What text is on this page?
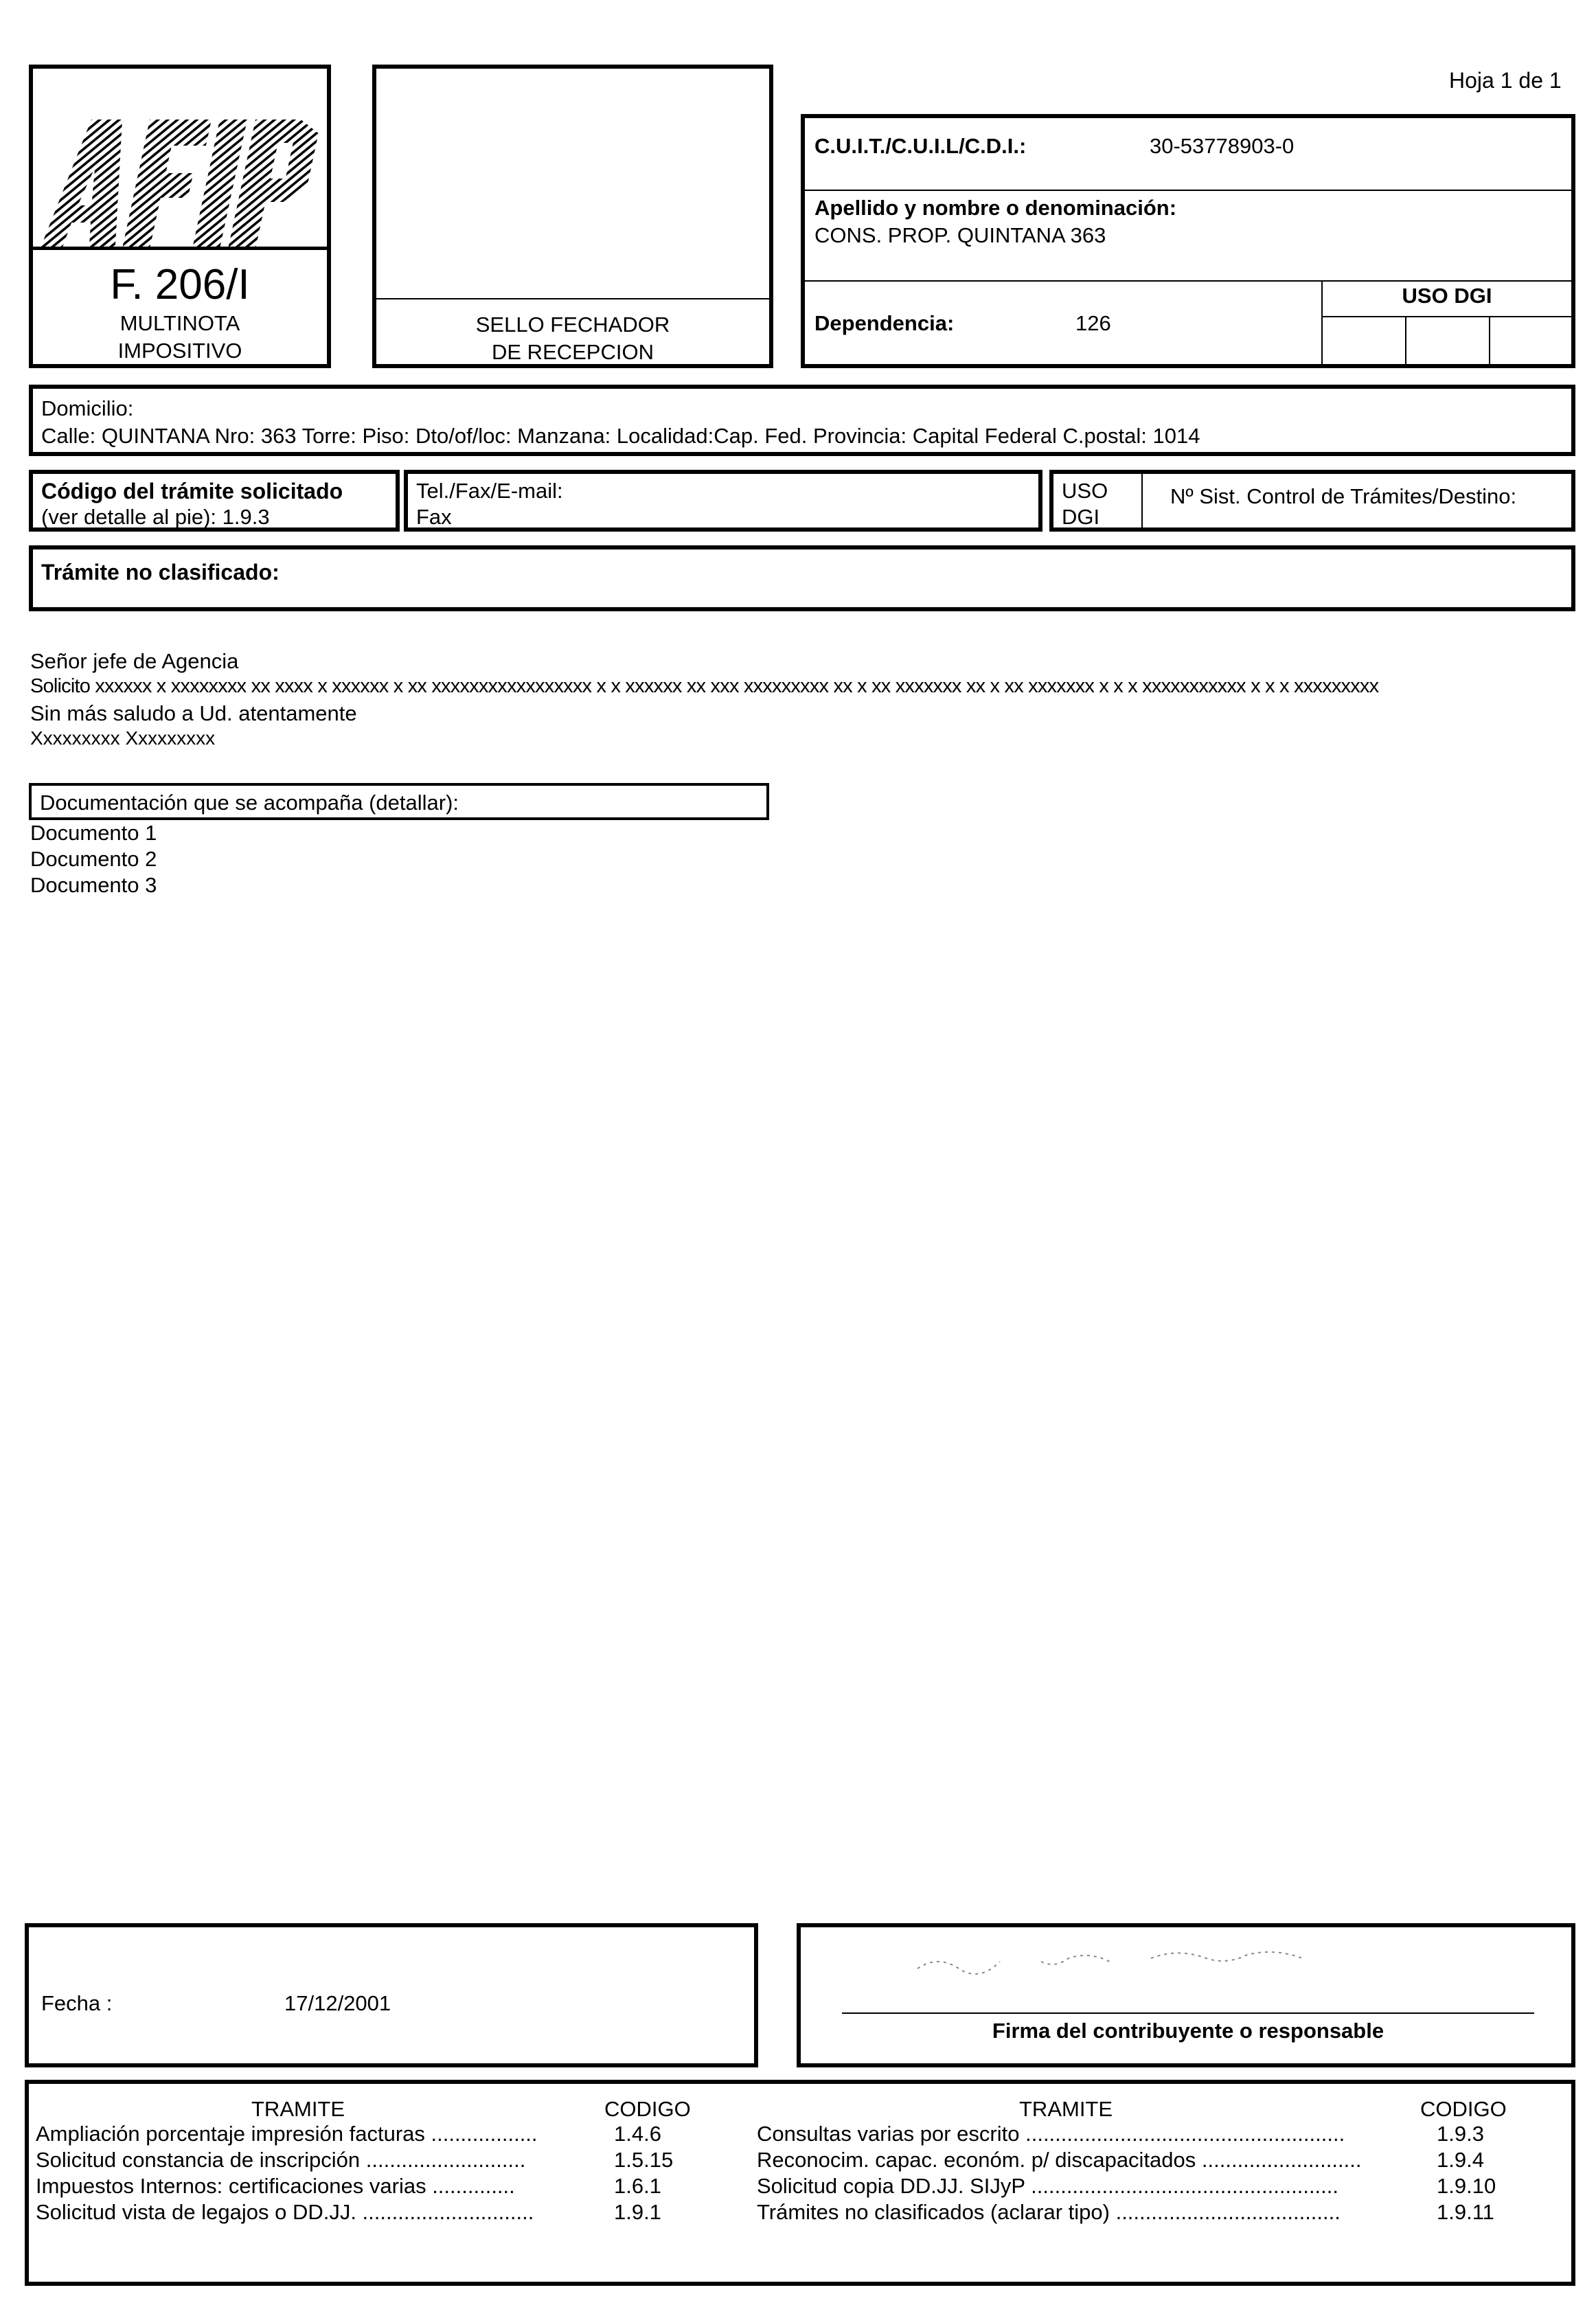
Hoja 1 de 1
AFIP
F. 206/I
MULTINOTA
IMPOSITIVO
SELLO FECHADOR
DE RECEPCION
C.U.I.T./C.U.I.L/C.D.I.:	30-53778903-0
Apellido y nombre o denominación:
CONS. PROP. QUINTANA 363
Dependencia:	126
USO DGI
Domicilio:
Calle: QUINTANA Nro: 363 Torre: Piso: Dto/of/loc: Manzana: Localidad:Cap. Fed. Provincia: Capital Federal C.postal: 1014
Código del trámite solicitado
(ver detalle al pie): 1.9.3
Tel./Fax/E-mail:
Fax
USO
DGI
Nº Sist. Control de Trámites/Destino:
Trámite no clasificado:
Señor jefe de Agencia
Solicito xxxxxx x xxxxxxxx xx xxxx x xxxxxx x xx xxxxxxxxxxxxxxxxx x x xxxxxx xx xxx xxxxxxxxx xx x xx xxxxxxx xx x xx xxxxxxx x x x xxxxxxxxxxx x x x xxxxxxxxx
Sin más saludo a Ud. atentamente
Xxxxxxxxx Xxxxxxxxx
Documentación que se acompaña (detallar):
Documento 1
Documento 2
Documento 3
Fecha :	17/12/2001
Firma del contribuyente o responsable
TRAMITE	CODIGO	TRAMITE	CODIGO
Ampliación porcentaje impresión facturas ..................	1.4.6
Solicitud constancia de inscripción ...........................	1.5.15
Impuestos Internos: certificaciones varias ..............	1.6.1
Solicitud vista de legajos o DD.JJ. .............................	1.9.1
Consultas varias por escrito ......................................................	1.9.3
Reconocim. capac. económ. p/ discapacitados ...........................	1.9.4
Solicitud copia DD.JJ. SIJyP ....................................................	1.9.10
Trámites no clasificados (aclarar tipo) ......................................	1.9.11
